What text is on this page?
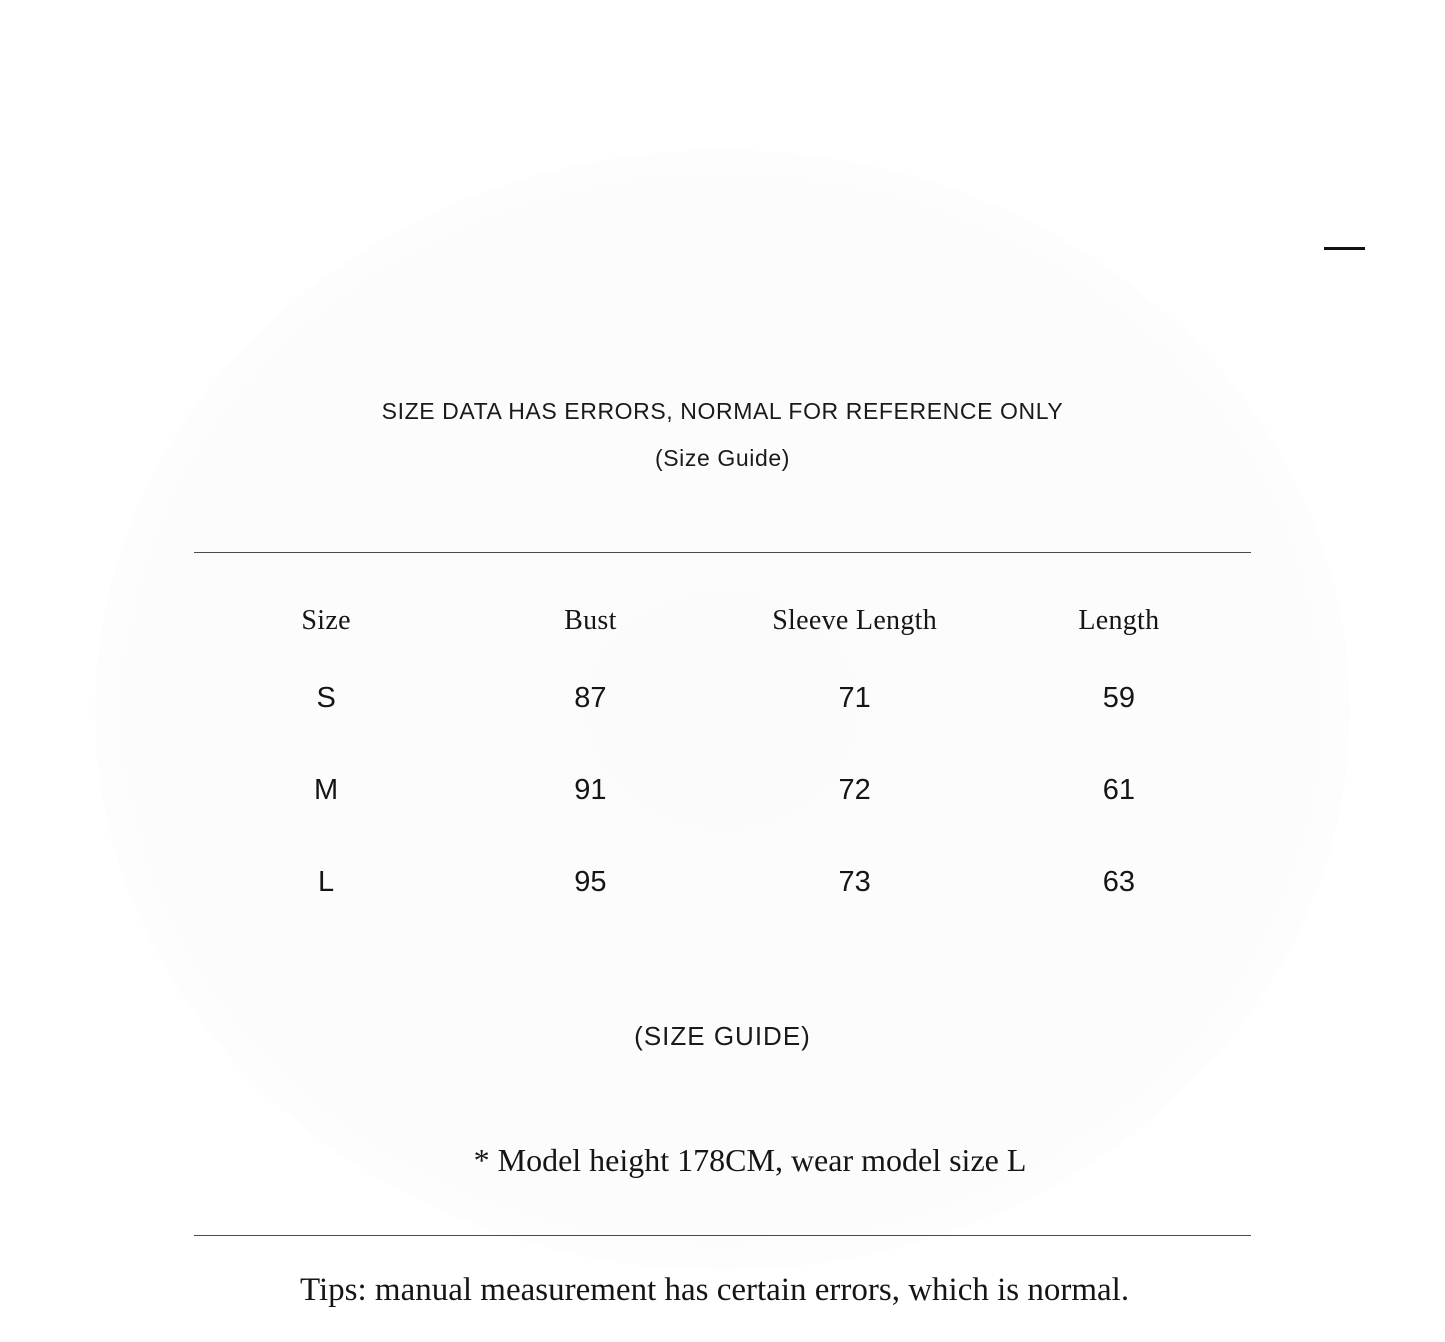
SIZE DATA HAS ERRORS, NORMAL FOR REFERENCE ONLY
(Size Guide)
Size	Bust	Sleeve Length	Length
S	87	71	59
M	91	72	61
L	95	73	63
(SIZE GUIDE)
* Model height 178CM, wear model size L
Tips: manual measurement has certain errors, which is normal.
